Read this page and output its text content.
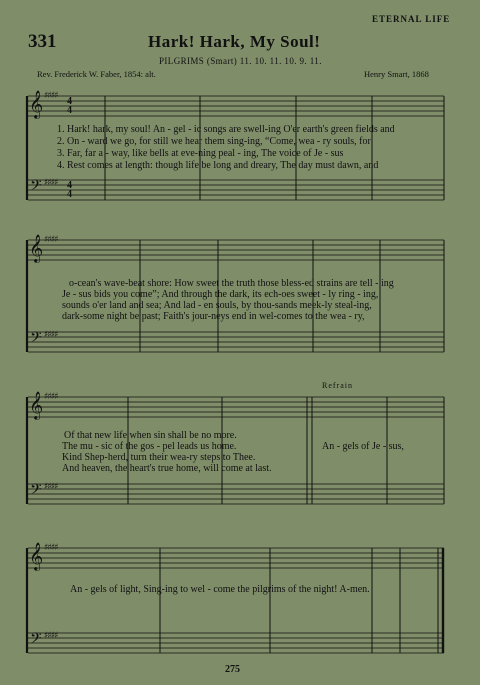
ETERNAL LIFE
331	Hark! Hark, My Soul!
PILGRIMS (Smart) 11. 10. 11. 10. 9. 11.
Rev. Frederick W. Faber, 1854: alt.	Henry Smart, 1868
𝄞 ♯♯♯♯ 4
4
𝄢 ♯♯♯♯ 4
4
1. Hark! hark, my soul! An - gel - ic songs are swell-ing O'er earth's green fields and
2. On - ward we go, for still we hear them sing-ing, “Come, wea - ry souls, for
3. Far, far a - way, like bells at eve-ning peal - ing, The voice of Je - sus
4. Rest comes at length: though life be long and dreary, The day must dawn, and
𝄞 ♯♯♯♯
𝄢 ♯♯♯♯
o-cean's wave-beat shore: How sweet the truth those bless-ed strains are tell - ing
Je - sus bids you come”; And through the dark, its ech-oes sweet - ly ring - ing,
sounds o'er land and sea; And lad - en souls, by thou-sands meek-ly steal-ing,
dark-some night be past; Faith's jour-neys end in wel-comes to the wea - ry,
𝄞 ♯♯♯♯
𝄢 ♯♯♯♯
Refrain
Of that new life when sin shall be no more.
The mu - sic of the gos - pel leads us home.
Kind Shep-herd, turn their wea-ry steps to Thee.
And heaven, the heart's true home, will come at last.
An - gels of Je - sus,
𝄞 ♯♯♯♯
𝄢 ♯♯♯♯
An - gels of light, Sing-ing to wel - come the pilgrims of the night! A-men.
275
